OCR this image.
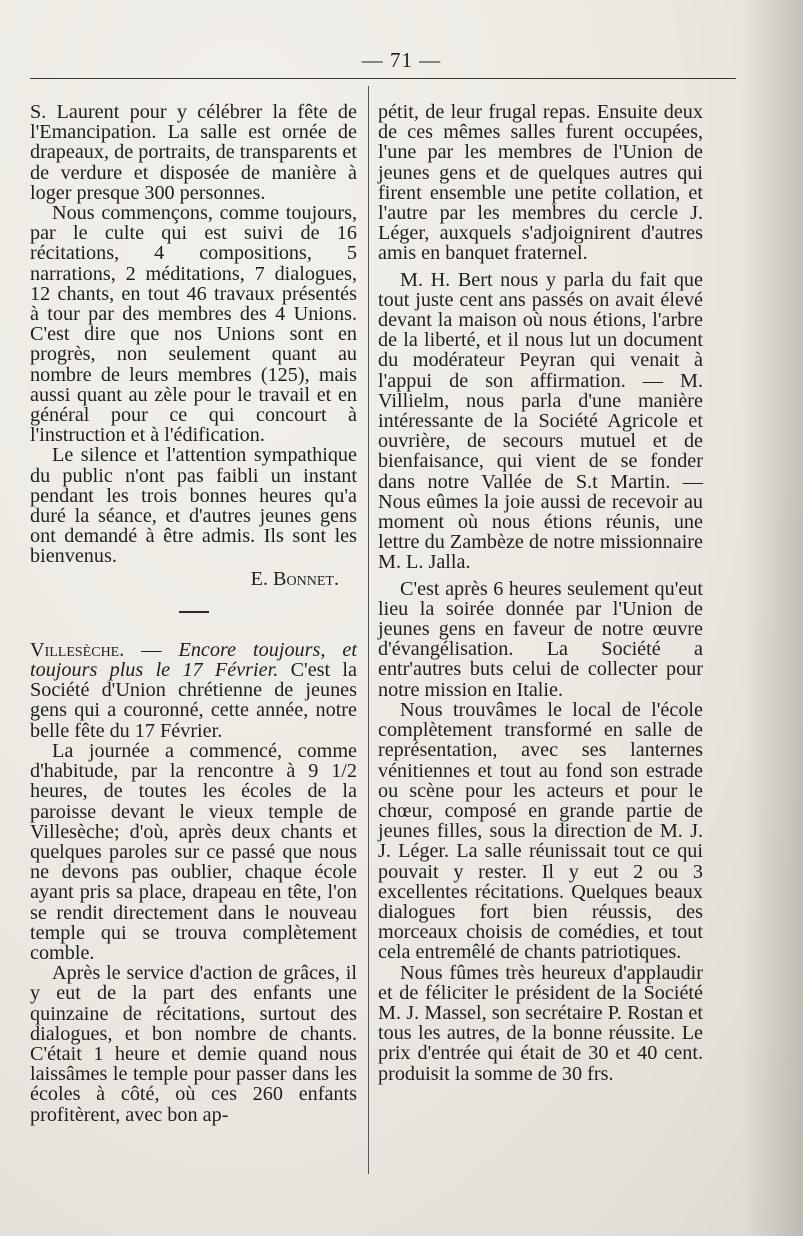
— 71 —

S. Laurent pour y célébrer la fête de l'Emancipation. La salle est ornée de drapeaux, de portraits, de transparents et de verdure et disposée de manière à loger presque 300 personnes.

Nous commençons, comme toujours, par le culte qui est suivi de 16 récitations, 4 compositions, 5 narrations, 2 méditations, 7 dialogues, 12 chants, en tout 46 travaux présentés à tour par des membres des 4 Unions. C'est dire que nos Unions sont en progrès, non seulement quant au nombre de leurs membres (125), mais aussi quant au zèle pour le travail et en général pour ce qui concourt à l'instruction et à l'édification.

Le silence et l'attention sympathique du public n'ont pas faibli un instant pendant les trois bonnes heures qu'a duré la séance, et d'autres jeunes gens ont demandé à être admis. Ils sont les bienvenus.

E. Bonnet.

Villesèche. — Encore toujours, et toujours plus le 17 Février. C'est la Société d'Union chrétienne de jeunes gens qui a couronné, cette année, notre belle fête du 17 Février.

La journée a commencé, comme d'habitude, par la rencontre à 9 1/2 heures, de toutes les écoles de la paroisse devant le vieux temple de Villesèche; d'où, après deux chants et quelques paroles sur ce passé que nous ne devons pas oublier, chaque école ayant pris sa place, drapeau en tête, l'on se rendit directement dans le nouveau temple qui se trouva complètement comble.

Après le service d'action de grâces, il y eut de la part des enfants une quinzaine de récitations, surtout des dialogues, et bon nombre de chants. C'était 1 heure et demie quand nous laissâmes le temple pour passer dans les écoles à côté, où ces 260 enfants profitèrent, avec bon ap-

pétit, de leur frugal repas. Ensuite deux de ces mêmes salles furent occupées, l'une par les membres de l'Union de jeunes gens et de quelques autres qui firent ensemble une petite collation, et l'autre par les membres du cercle J. Léger, auxquels s'adjoignirent d'autres amis en banquet fraternel.

M. H. Bert nous y parla du fait que tout juste cent ans passés on avait élevé devant la maison où nous étions, l'arbre de la liberté, et il nous lut un document du modérateur Peyran qui venait à l'appui de son affirmation. — M. Villielm, nous parla d'une manière intéressante de la Société Agricole et ouvrière, de secours mutuel et de bienfaisance, qui vient de se fonder dans notre Vallée de S.t Martin. — Nous eûmes la joie aussi de recevoir au moment où nous étions réunis, une lettre du Zambèze de notre missionnaire M. L. Jalla.

C'est après 6 heures seulement qu'eut lieu la soirée donnée par l'Union de jeunes gens en faveur de notre œuvre d'évangélisation. La Société a entr'autres buts celui de collecter pour notre mission en Italie.

Nous trouvâmes le local de l'école complètement transformé en salle de représentation, avec ses lanternes vénitiennes et tout au fond son estrade ou scène pour les acteurs et pour le chœur, composé en grande partie de jeunes filles, sous la direction de M. J. J. Léger. La salle réunissait tout ce qui pouvait y rester. Il y eut 2 ou 3 excellentes récitations. Quelques beaux dialogues fort bien réussis, des morceaux choisis de comédies, et tout cela entremêlé de chants patriotiques.

Nous fûmes très heureux d'applaudir et de féliciter le président de la Société M. J. Massel, son secrétaire P. Rostan et tous les autres, de la bonne réussite. Le prix d'entrée qui était de 30 et 40 cent. produisit la somme de 30 frs.
